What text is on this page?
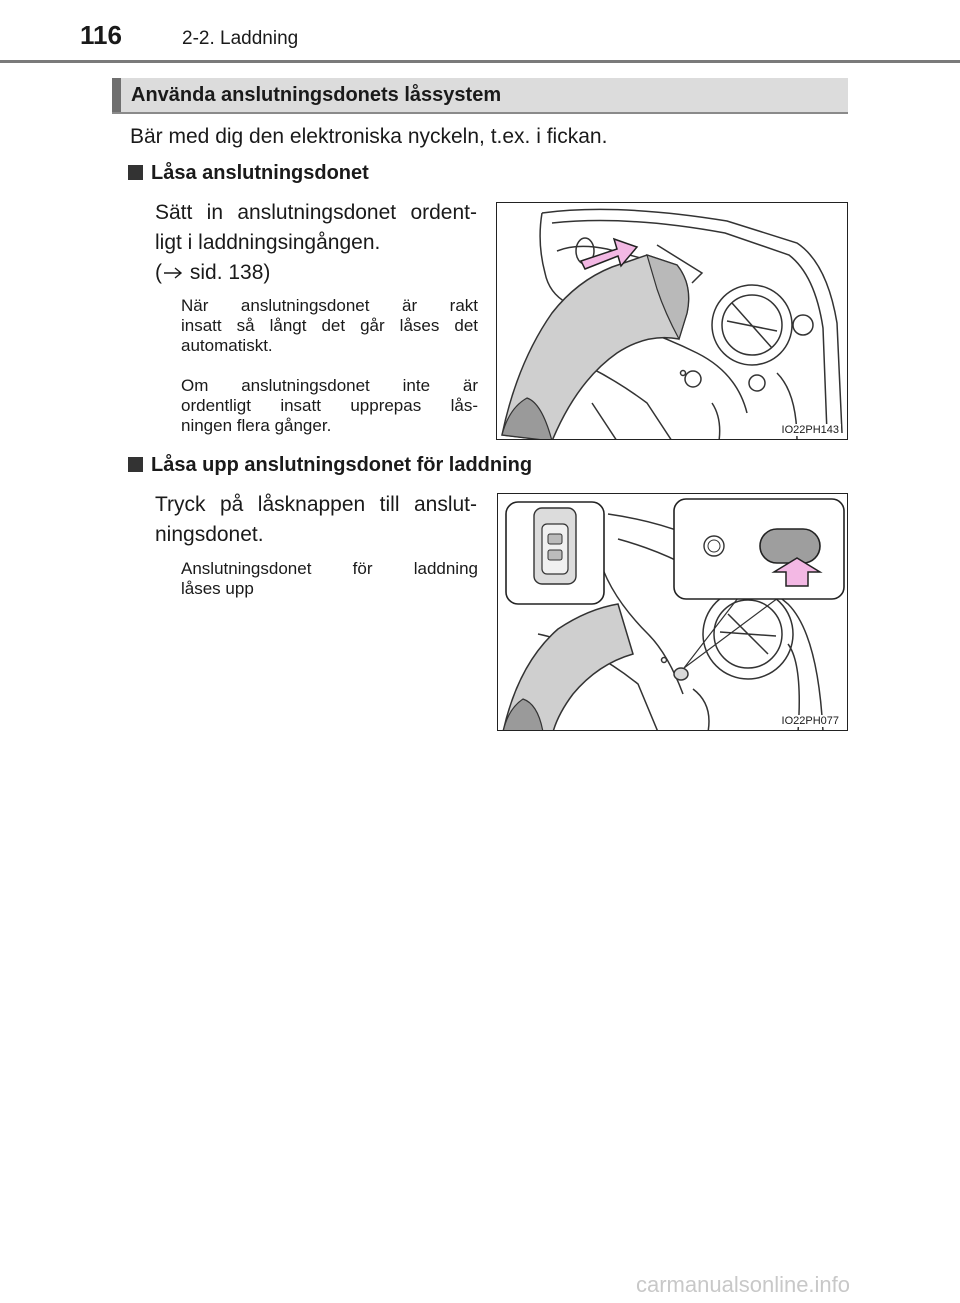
116	2-2. Laddning
Använda anslutningsdonets låssystem
Bär med dig den elektroniska nyckeln, t.ex. i fickan.
Låsa anslutningsdonet
Sätt in anslutningsdonet ordent-
ligt i laddningsingången.
( sid. 138)
När anslutningsdonet är rakt
insatt så långt det går låses det
automatiskt.
Om anslutningsdonet inte är
ordentligt insatt upprepas lås-
ningen flera gånger.	IO22PH143
Låsa upp anslutningsdonet för laddning
Tryck på låsknappen till anslut-
ningsdonet.
Anslutningsdonet för laddning
låses upp
IO22PH077
carmanualsonline.info
